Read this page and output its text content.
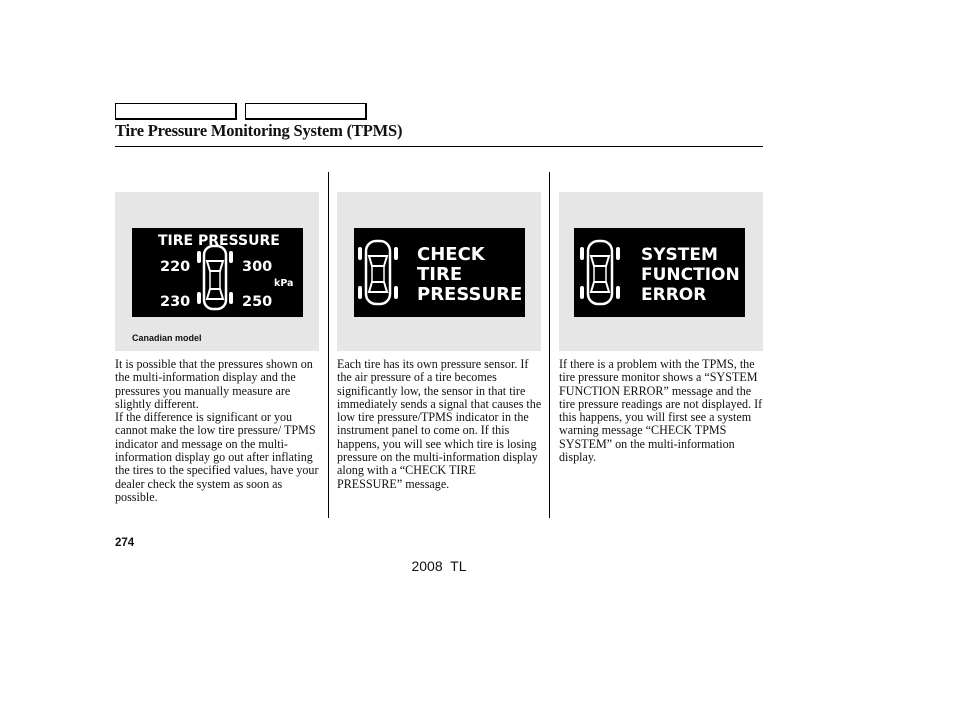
Tire Pressure Monitoring System (TPMS)
TIRE PRESSURE
220	300
kPa
230	250
Canadian model
CHECK
TIRE
PRESSURE
SYSTEM
FUNCTION
ERROR

It is possible that the pressures shown on the multi-information display and the pressures you manually measure are slightly different.

If the difference is significant or you cannot make the low tire pressure/ TPMS indicator and message on the multi-information display go out after inflating the tires to the specified values, have your dealer check the system as soon as possible.

Each tire has its own pressure sensor. If the air pressure of a tire becomes significantly low, the sensor in that tire immediately sends a signal that causes the low tire pressure/TPMS indicator in the instrument panel to come on. If this happens, you will see which tire is losing pressure on the multi-information display along with a “CHECK TIRE PRESSURE” message.

If there is a problem with the TPMS, the tire pressure monitor shows a “SYSTEM FUNCTION ERROR” message and the tire pressure readings are not displayed. If this happens, you will first see a system warning message “CHECK TPMS SYSTEM” on the multi-information display.

274
2008  TL
